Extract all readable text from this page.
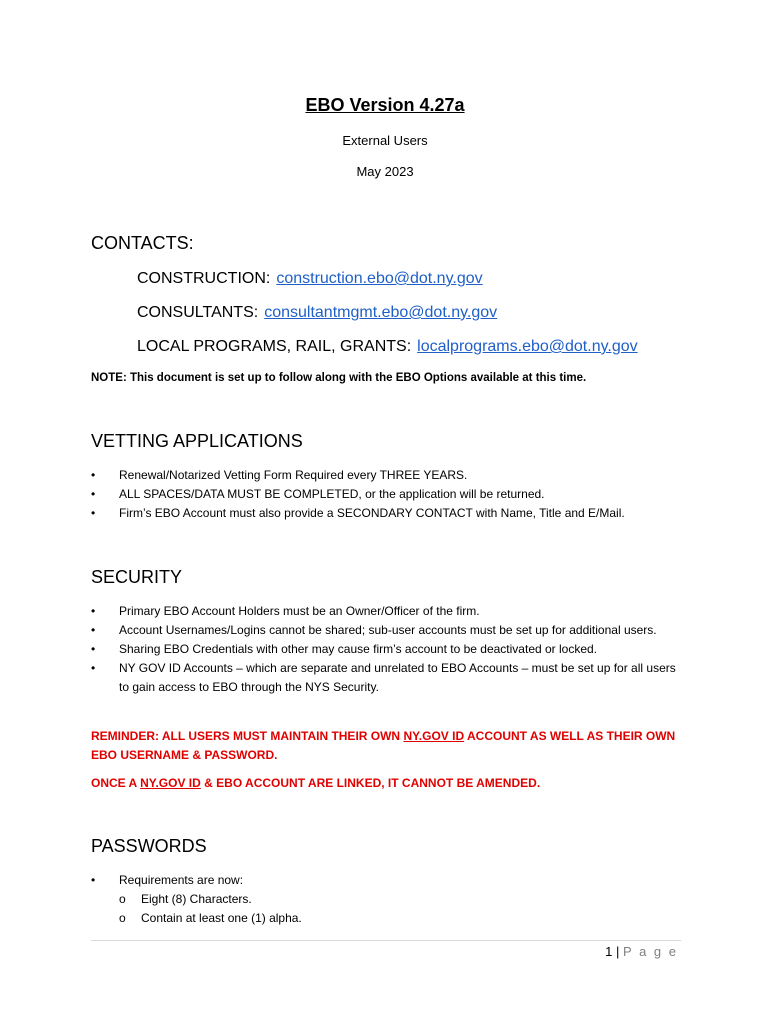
EBO Version 4.27a
External Users
May 2023
CONTACTS:
CONSTRUCTION: construction.ebo@dot.ny.gov
CONSULTANTS: consultantmgmt.ebo@dot.ny.gov
LOCAL PROGRAMS, RAIL, GRANTS: localprograms.ebo@dot.ny.gov
NOTE: This document is set up to follow along with the EBO Options available at this time.
VETTING APPLICATIONS
• Renewal/Notarized Vetting Form Required every THREE YEARS.
• ALL SPACES/DATA MUST BE COMPLETED, or the application will be returned.
• Firm’s EBO Account must also provide a SECONDARY CONTACT with Name, Title and E/Mail.
SECURITY
• Primary EBO Account Holders must be an Owner/Officer of the firm.
• Account Usernames/Logins cannot be shared; sub-user accounts must be set up for additional users.
• Sharing EBO Credentials with other may cause firm’s account to be deactivated or locked.
• NY GOV ID Accounts – which are separate and unrelated to EBO Accounts – must be set up for all users to gain access to EBO through the NYS Security.
REMINDER: ALL USERS MUST MAINTAIN THEIR OWN NY.GOV ID ACCOUNT AS WELL AS THEIR OWN EBO USERNAME & PASSWORD.
ONCE A NY.GOV ID & EBO ACCOUNT ARE LINKED, IT CANNOT BE AMENDED.
PASSWORDS
• Requirements are now:
o Eight (8) Characters.
o Contain at least one (1) alpha.
1 | P a g e
